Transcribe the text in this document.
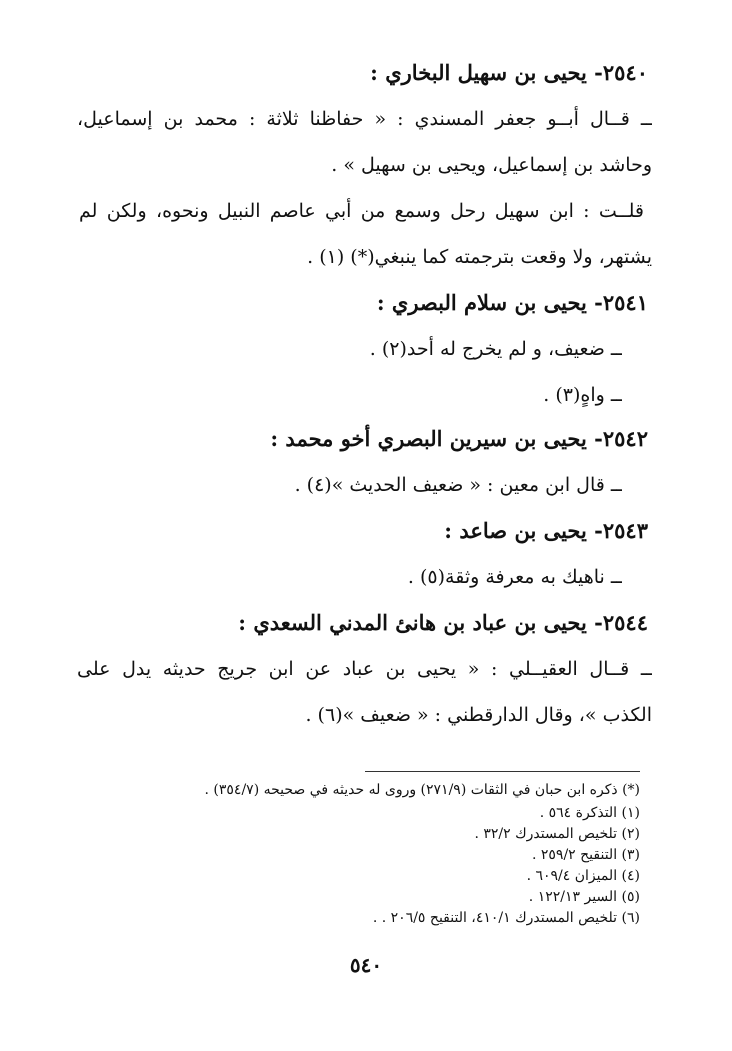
٢٥٤٠- يحيى بن سهيل البخاري :
ــ قــال أبــو جعفر المسندي : « حفاظنا ثلاثة : محمد بن إسماعيل،
وحاشد بن إسماعيل، ويحيى بن سهيل » .
قلــت : ابن سهيل رحل وسمع من أبي عاصم النبيل ونحوه، ولكن لم
يشتهر، ولا وقعت بترجمته كما ينبغي(*) (١) .
٢٥٤١- يحيى بن سلام البصري :
ــ ضعيف، و لم يخرج له أحد(٢) .
ــ واهٍ(٣) .
٢٥٤٢- يحيى بن سيرين البصري أخو محمد :
ــ قال ابن معين : « ضعيف الحديث »(٤) .
٢٥٤٣- يحيى بن صاعد :
ــ ناهيك به معرفة وثقة(٥) .
٢٥٤٤- يحيى بن عباد بن هانئ المدني السعدي :
ــ قــال العقيــلي : « يحيى بن عباد عن ابن جريج حديثه يدل على
الكذب »، وقال الدارقطني : « ضعيف »(٦) .
(*) ذكره ابن حبان في الثقات (٢٧١/٩) وروى له حديثه في صحيحه (٣٥٤/٧) .
(١) التذكرة ٥٦٤ .
(٢) تلخيص المستدرك ٣٢/٢ .
(٣) التنقيح ٢٥٩/٢ .
(٤) الميزان ٦٠٩/٤ .
(٥) السير ١٢٢/١٣ .
(٦) تلخيص المستدرك ٤١٠/١، التنقيح ٢٠٦/٥ . .
٥٤٠
